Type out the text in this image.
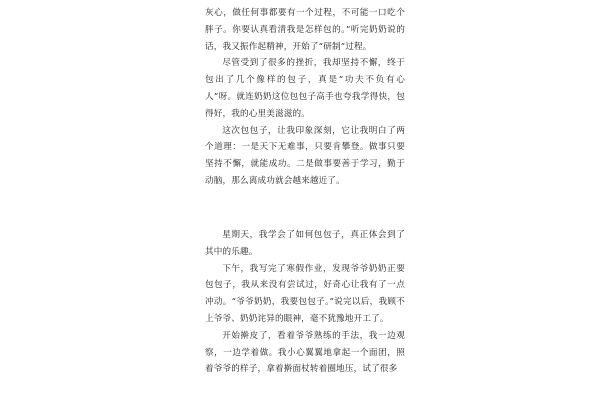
灰心，做任何事都要有一个过程，不可能一口吃个胖子。你要认真看清我是怎样包的。”听完奶奶说的话，我又振作起精神，开始了“研制”过程。

尽管受到了很多的挫折，我却坚持不懈，终于包出了几个像样的包子，真是“功夫不负有心人”呀。就连奶奶这位包包子高手也夸我学得快，包得好，我的心里美滋滋的。

这次包包子，让我印象深刻，它让我明白了两个道理：一是天下无难事，只要肯攀登。做事只要坚持不懈，就能成功。二是做事要善于学习，勤于动脑，那么离成功就会越来越近了。

星期天，我学会了如何包包子，真正体会到了其中的乐趣。

下午，我写完了寒假作业，发现爷爷奶奶正要包包子，我从来没有尝试过，好奇心让我有了一点冲动。“爷爷奶奶，我要包包子。”说完以后，我顾不上爷爷、奶奶诧异的眼神，毫不犹豫地开工了。

开始擀皮了，看着爷爷熟练的手法，我一边观察，一边学着做。我小心翼翼地拿起一个面团，照着爷爷的样子，拿着擀面杖转着圈地压，试了很多
